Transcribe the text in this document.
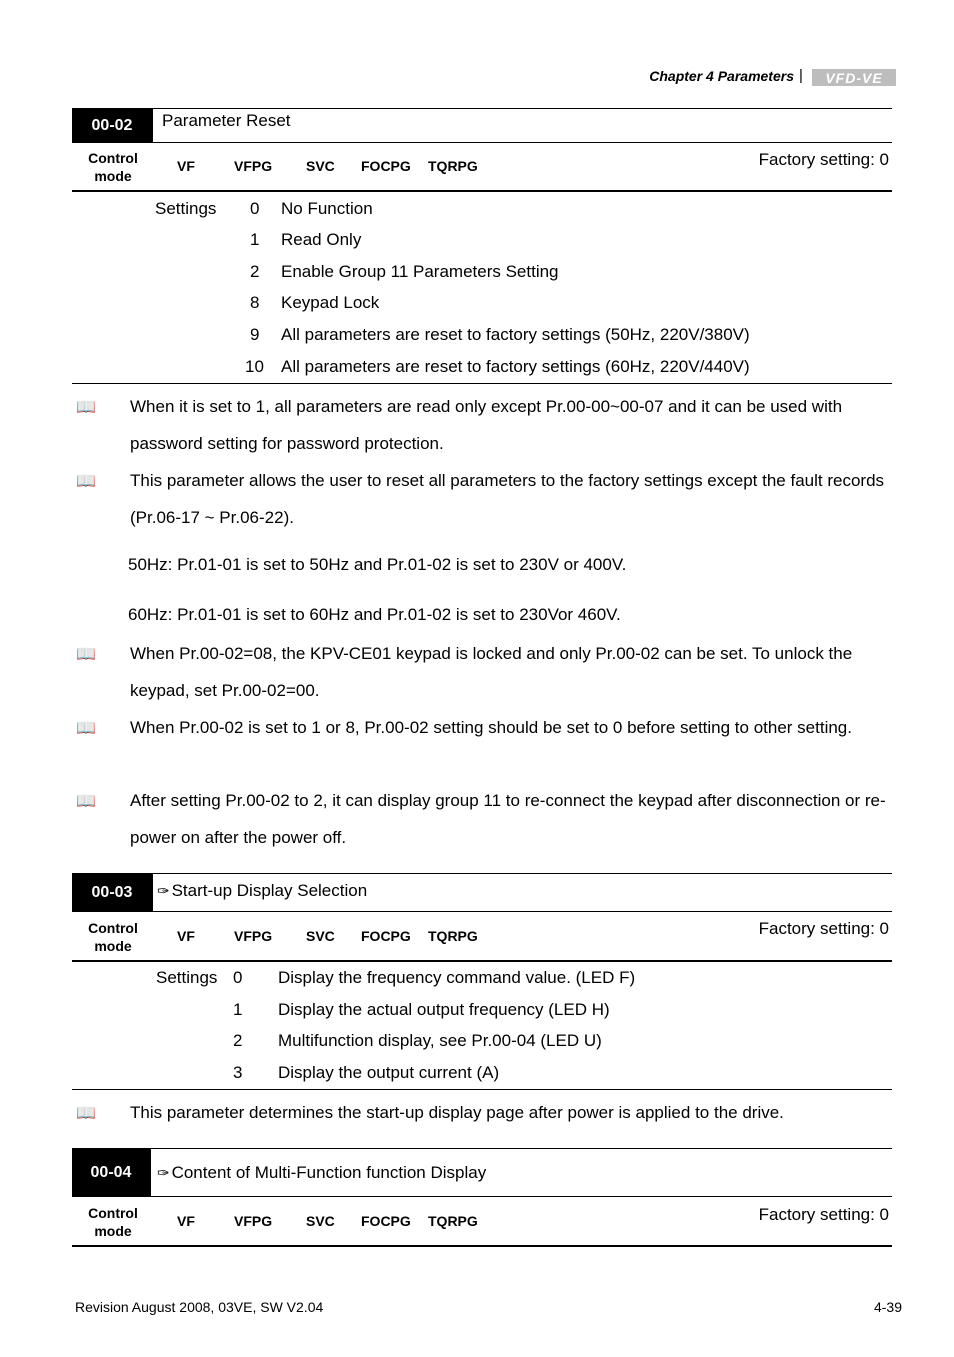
Chapter 4 Parameters |	VFD-VE
00-02	Parameter Reset
Control mode
VF	VFPG SVC FOCPG TQRPG	Factory setting: 0
Settings 0 No Function
1 Read Only
2 Enable Group 11 Parameters Setting
8 Keypad Lock
9 All parameters are reset to factory settings (50Hz, 220V/380V)
10 All parameters are reset to factory settings (60Hz, 220V/440V)
📖 When it is set to 1, all parameters are read only except Pr.00-00~00-07 and it can be used with password setting for password protection.
📖 This parameter allows the user to reset all parameters to the factory settings except the fault records (Pr.06-17 ~ Pr.06-22).
50Hz: Pr.01-01 is set to 50Hz and Pr.01-02 is set to 230V or 400V.
60Hz: Pr.01-01 is set to 60Hz and Pr.01-02 is set to 230Vor 460V.
📖 When Pr.00-02=08, the KPV-CE01 keypad is locked and only Pr.00-02 can be set. To unlock the keypad, set Pr.00-02=00.
📖 When Pr.00-02 is set to 1 or 8, Pr.00-02 setting should be set to 0 before setting to other setting.
📖 After setting Pr.00-02 to 2, it can display group 11 to re-connect the keypad after disconnection or re-power on after the power off.
00-03	✑ Start-up Display Selection
Control mode
VF	VFPG SVC FOCPG TQRPG	Factory setting: 0
Settings 0 Display the frequency command value. (LED F)
1 Display the actual output frequency (LED H)
2 Multifunction display, see Pr.00-04 (LED U)
3 Display the output current (A)
📖 This parameter determines the start-up display page after power is applied to the drive.
00-04	✑ Content of Multi-Function function Display
Control mode
VF	VFPG SVC FOCPG TQRPG	Factory setting: 0
Revision August 2008, 03VE, SW V2.04	4-39
